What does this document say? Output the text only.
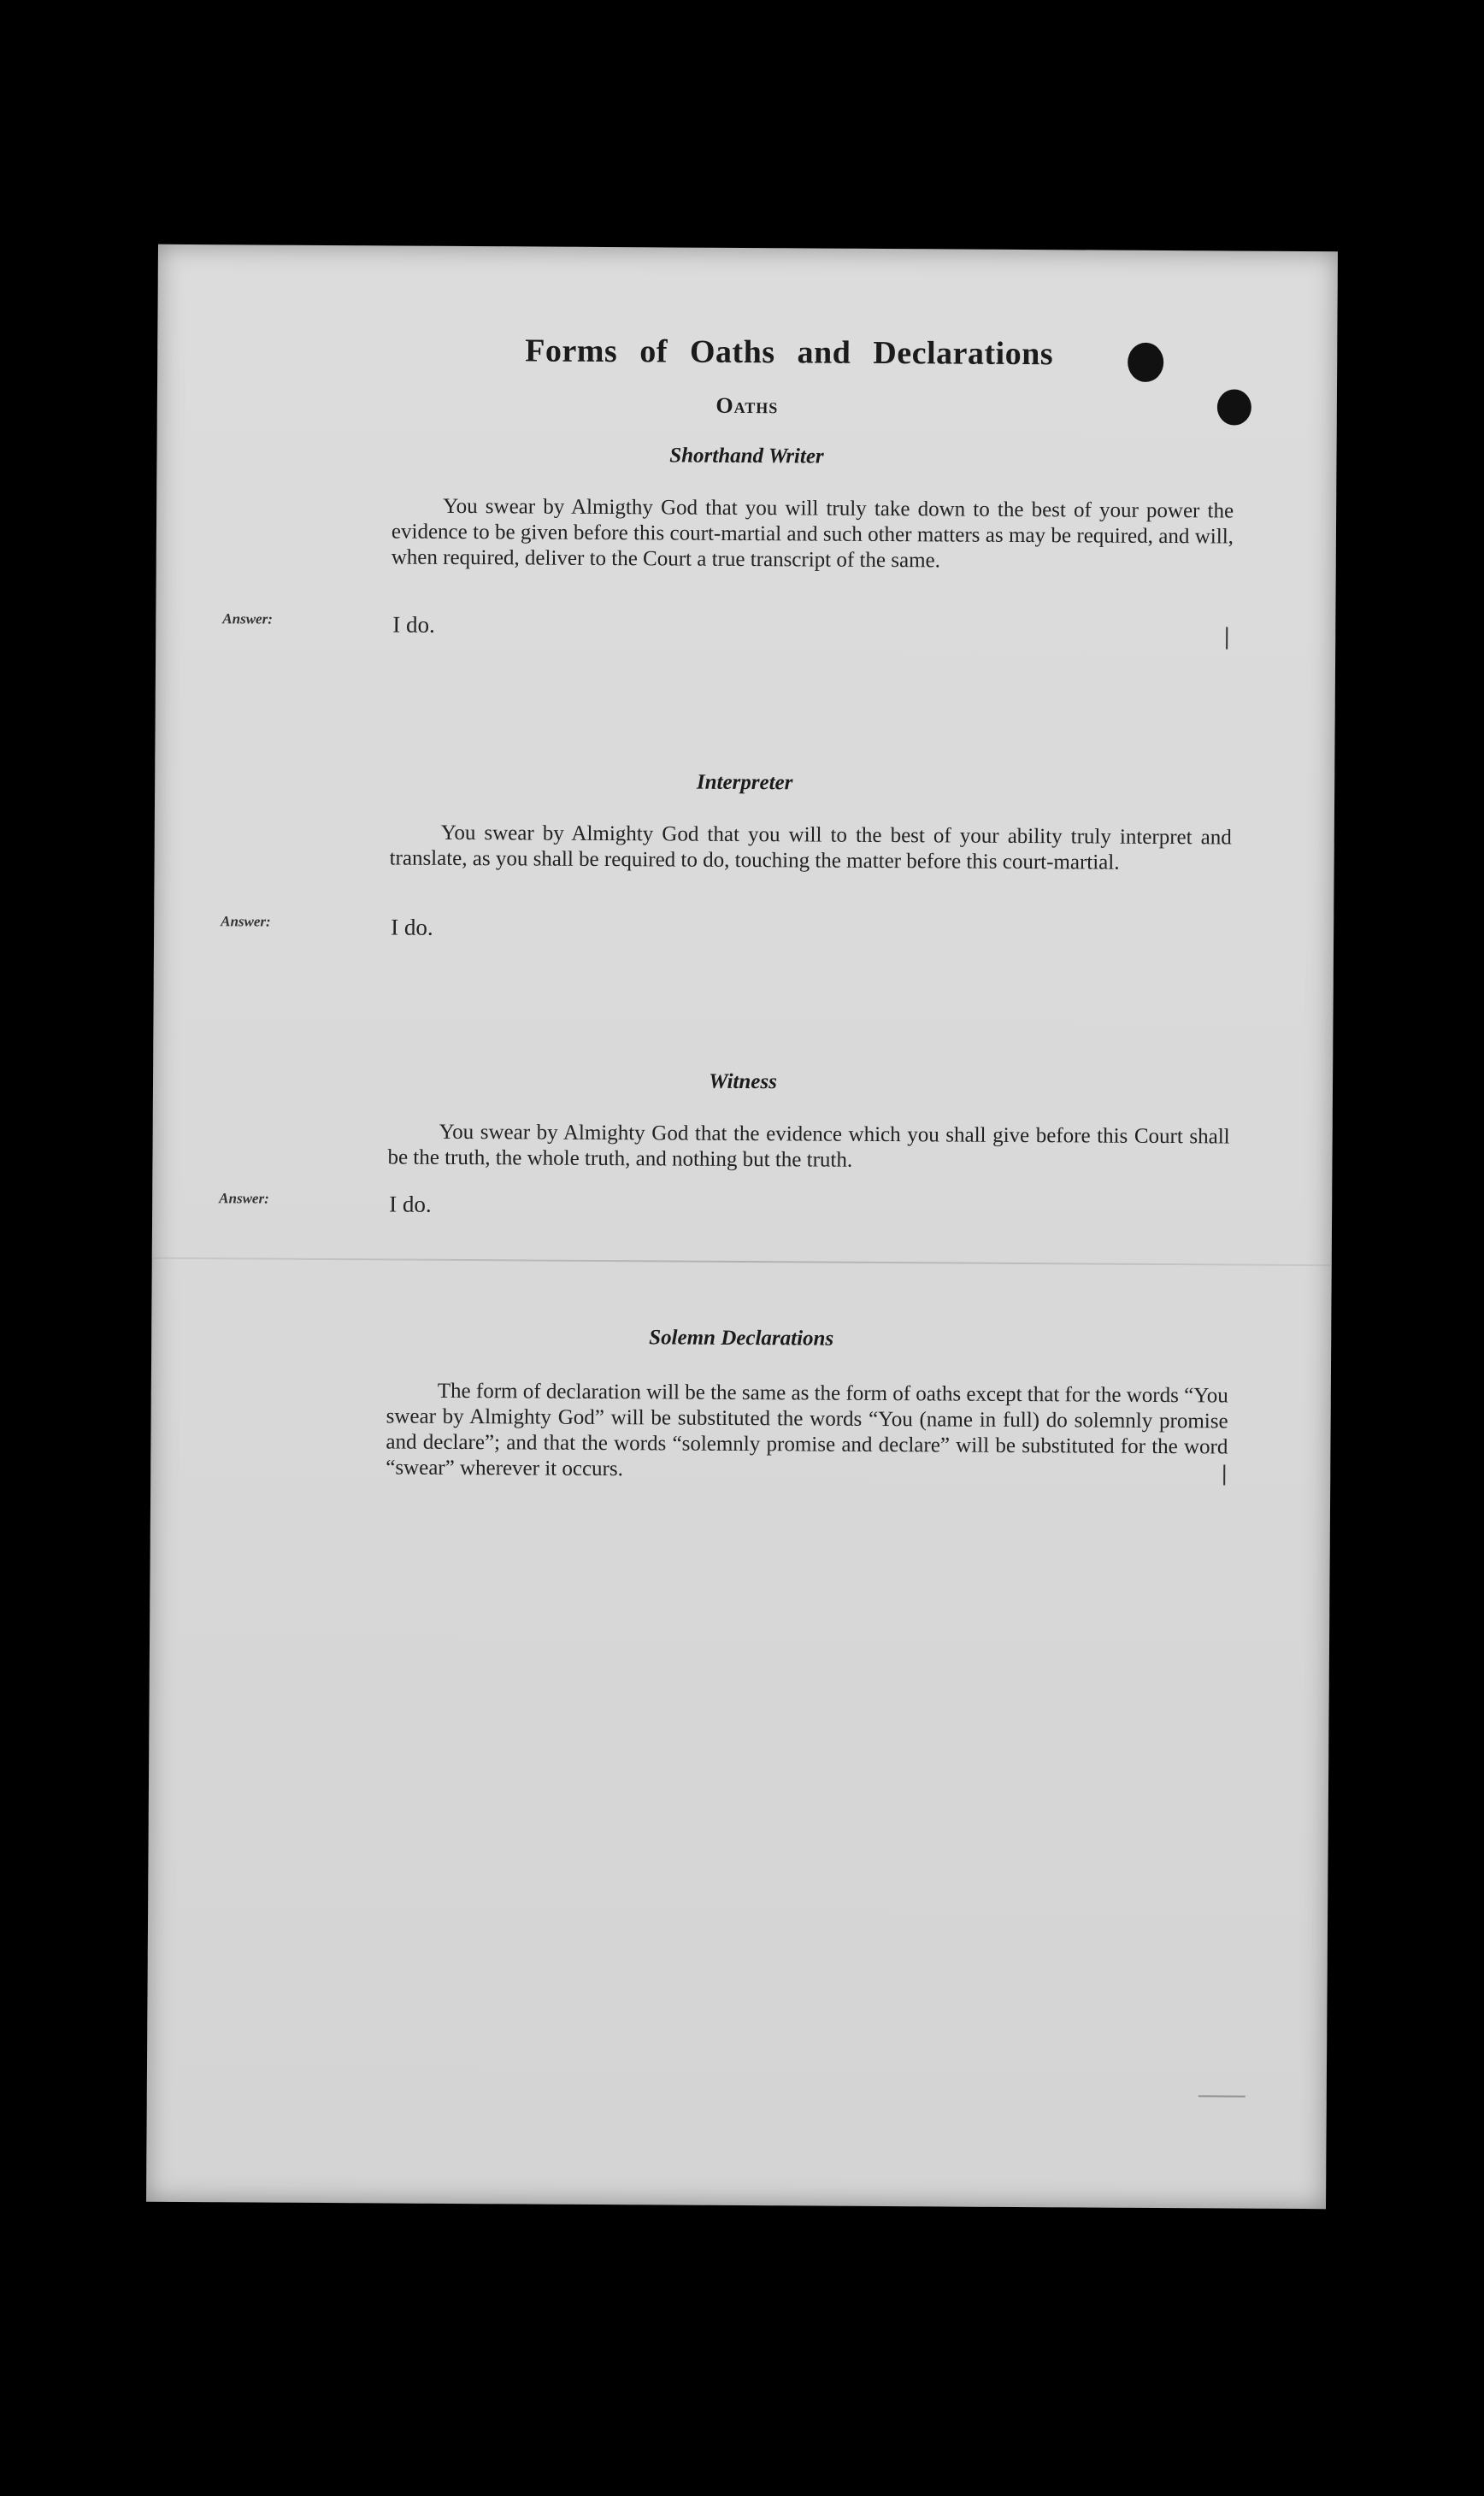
Forms of Oaths and Declarations
Oaths
Shorthand Writer
You swear by Almigthy God that you will truly take down to the best of your power the evidence to be given before this court-martial and such other matters as may be required, and will, when required, deliver to the Court a true transcript of the same.
Answer:	I do.
Interpreter
You swear by Almighty God that you will to the best of your ability truly interpret and translate, as you shall be required to do, touching the matter before this court-martial.
Answer:	I do.
Witness
You swear by Almighty God that the evidence which you shall give before this Court shall be the truth, the whole truth, and nothing but the truth.
Answer:	I do.
Solemn Declarations
The form of declaration will be the same as the form of oaths except that for the words “You swear by Almighty God” will be substituted the words “You (name in full) do solemnly promise and declare”; and that the words “solemnly promise and declare” will be substituted for the word “swear” wherever it occurs.
